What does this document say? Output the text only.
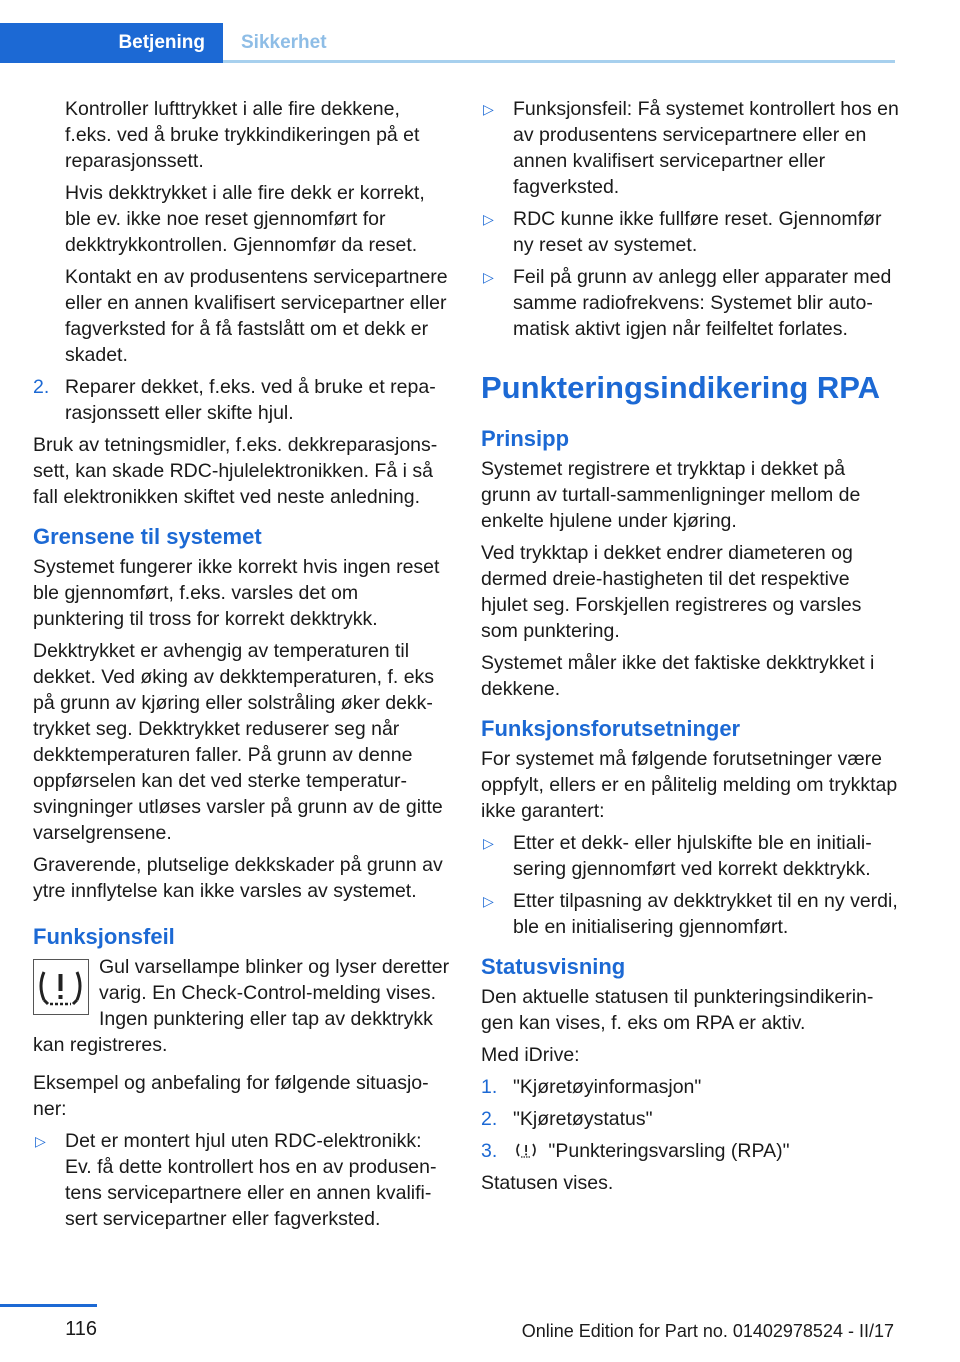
Betjening	Sikkerhet

Kontroller lufttrykket i alle fire dekkene, f.eks. ved å bruke trykkindikeringen på et reparasjonssett.

Hvis dekktrykket i alle fire dekk er korrekt, ble ev. ikke noe reset gjennomført for dekktrykkontrollen. Gjennomfør da reset.

Kontakt en av produsentens servicepartnere eller en annen kvalifisert servicepartner eller fagverksted for å få fastslått om et dekk er skadet.

2. Reparer dekket, f.eks. ved å bruke et reparasjonssett eller skifte hjul.

Bruk av tetningsmidler, f.eks. dekkreparasjonssett, kan skade RDC-hjulelektronikken. Få i så fall elektronikken skiftet ved neste anledning.

Grensene til systemet

Systemet fungerer ikke korrekt hvis ingen reset ble gjennomført, f.eks. varsles det om punktering til tross for korrekt dekktrykk.

Dekktrykket er avhengig av temperaturen til dekket. Ved øking av dekktemperaturen, f. eks på grunn av kjøring eller solstråling øker dekktrykket seg. Dekktrykket reduserer seg når dekktemperaturen faller. På grunn av denne oppførselen kan det ved sterke temperatursvingninger utløses varsler på grunn av de gitte varselgrensene.

Graverende, plutselige dekkskader på grunn av ytre innflytelse kan ikke varsles av systemet.

Funksjonsfeil

Gul varsellampe blinker og lyser deretter varig. En Check-Control-melding vises. Ingen punktering eller tap av dekktrykk kan registreres.

Eksempel og anbefaling for følgende situasjoner:

▷ Det er montert hjul uten RDC-elektronikk: Ev. få dette kontrollert hos en av produsentens servicepartnere eller en annen kvalifisert servicepartner eller fagverksted.
▷ Funksjonsfeil: Få systemet kontrollert hos en av produsentens servicepartnere eller en annen kvalifisert servicepartner eller fagverksted.
▷ RDC kunne ikke fullføre reset. Gjennomfør ny reset av systemet.
▷ Feil på grunn av anlegg eller apparater med samme radiofrekvens: Systemet blir automatisk aktivt igjen når feilfeltet forlates.
Punkteringsindikering RPA
Prinsipp

Systemet registrere et trykktap i dekket på grunn av turtall-sammenligninger mellom de enkelte hjulene under kjøring.

Ved trykktap i dekket endrer diameteren og dermed dreie-hastigheten til det respektive hjulet seg. Forskjellen registreres og varsles som punktering.

Systemet måler ikke det faktiske dekktrykket i dekkene.

Funksjonsforutsetninger

For systemet må følgende forutsetninger være oppfylt, ellers er en pålitelig melding om trykktap ikke garantert:

▷ Etter et dekk- eller hjulskifte ble en initialisering gjennomført ved korrekt dekktrykk.
▷ Etter tilpasning av dekktrykket til en ny verdi, ble en initialisering gjennomført.
Statusvisning

Den aktuelle statusen til punkteringsindikeringen kan vises, f. eks om RPA er aktiv.

Med iDrive:

1. "Kjøretøyinformasjon"
2. "Kjøretøystatus"
3.	"Punkteringsvarsling (RPA)"

Statusen vises.

116	Online Edition for Part no. 01402978524 - II/17
